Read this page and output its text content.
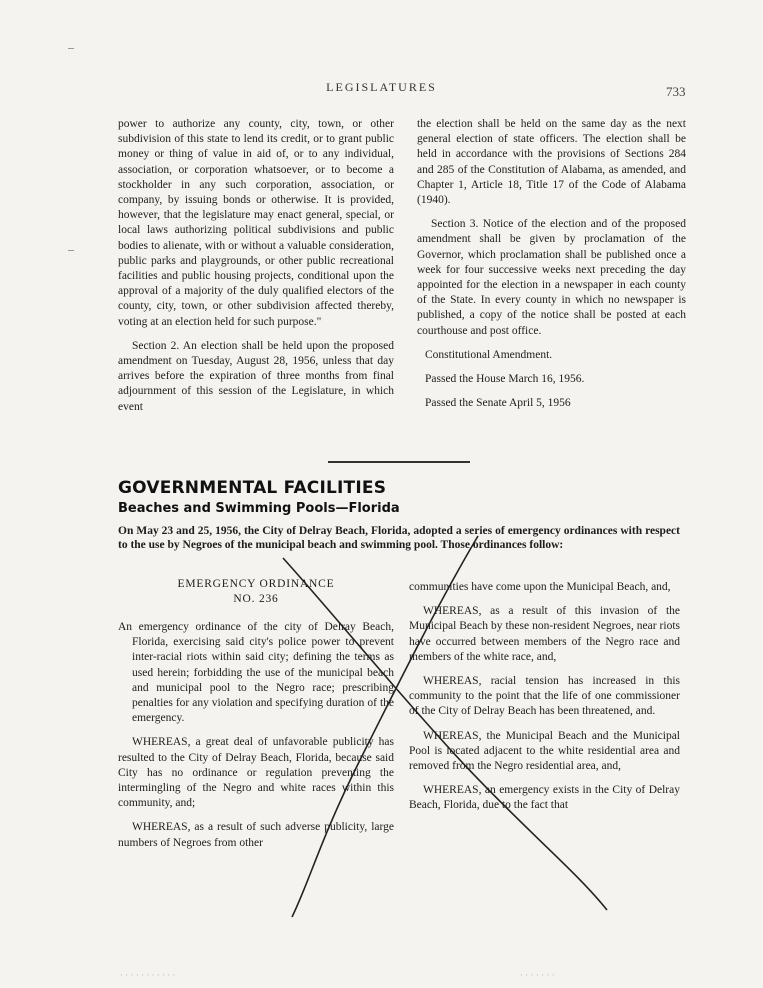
LEGISLATURES	733

power to authorize any county, city, town, or other subdivision of this state to lend its credit, or to grant public money or thing of value in aid of, or to any individual, association, or corporation whatsoever, or to become a stockholder in any such corporation, association, or company, by issuing bonds or otherwise. It is provided, however, that the legislature may enact general, special, or local laws authorizing political subdivisions and public bodies to alienate, with or without a valuable consideration, public parks and playgrounds, or other public recreational facilities and public housing projects, conditional upon the approval of a majority of the duly qualified electors of the county, city, town, or other subdivision affected thereby, voting at an election held for such purpose."

Section 2. An election shall be held upon the proposed amendment on Tuesday, August 28, 1956, unless that day arrives before the expiration of three months from final adjournment of this session of the Legislature, in which event

the election shall be held on the same day as the next general election of state officers. The election shall be held in accordance with the provisions of Sections 284 and 285 of the Constitution of Alabama, as amended, and Chapter 1, Article 18, Title 17 of the Code of Alabama (1940).

Section 3. Notice of the election and of the proposed amendment shall be given by proclamation of the Governor, which proclamation shall be published once a week for four successive weeks next preceding the day appointed for the election in a newspaper in each county of the State. In every county in which no newspaper is published, a copy of the notice shall be posted at each courthouse and post office.

Constitutional Amendment.

Passed the House March 16, 1956.

Passed the Senate April 5, 1956

GOVERNMENTAL FACILITIES
Beaches and Swimming Pools—Florida
On May 23 and 25, 1956, the City of Delray Beach, Florida, adopted a series of emergency ordinances with respect to the use by Negroes of the municipal beach and swimming pool. Those ordinances follow:
EMERGENCY ORDINANCE
NO. 236

An emergency ordinance of the city of Delray Beach, Florida, exercising said city's police power to prevent inter-racial riots within said city; defining the terms as used herein; forbidding the use of the municipal beach and municipal pool to the Negro race; prescribing penalties for any violation and specifying duration of the emergency.

WHEREAS, a great deal of unfavorable publicity has resulted to the City of Delray Beach, Florida, because said City has no ordinance or regulation preventing the intermingling of the Negro and white races within this community, and;

WHEREAS, as a result of such adverse publicity, large numbers of Negroes from other

communities have come upon the Municipal Beach, and,

WHEREAS, as a result of this invasion of the Municipal Beach by these non-resident Negroes, near riots have occurred between members of the Negro race and members of the white race, and,

WHEREAS, racial tension has increased in this community to the point that the life of one commissioner of the City of Delray Beach has been threatened, and.

WHEREAS, the Municipal Beach and the Municipal Pool is located adjacent to the white residential area and removed from the Negro residential area, and,

WHEREAS, an emergency exists in the City of Delray Beach, Florida, due to the fact that

· · · · · · · · · · ·	· · · · · · ·
